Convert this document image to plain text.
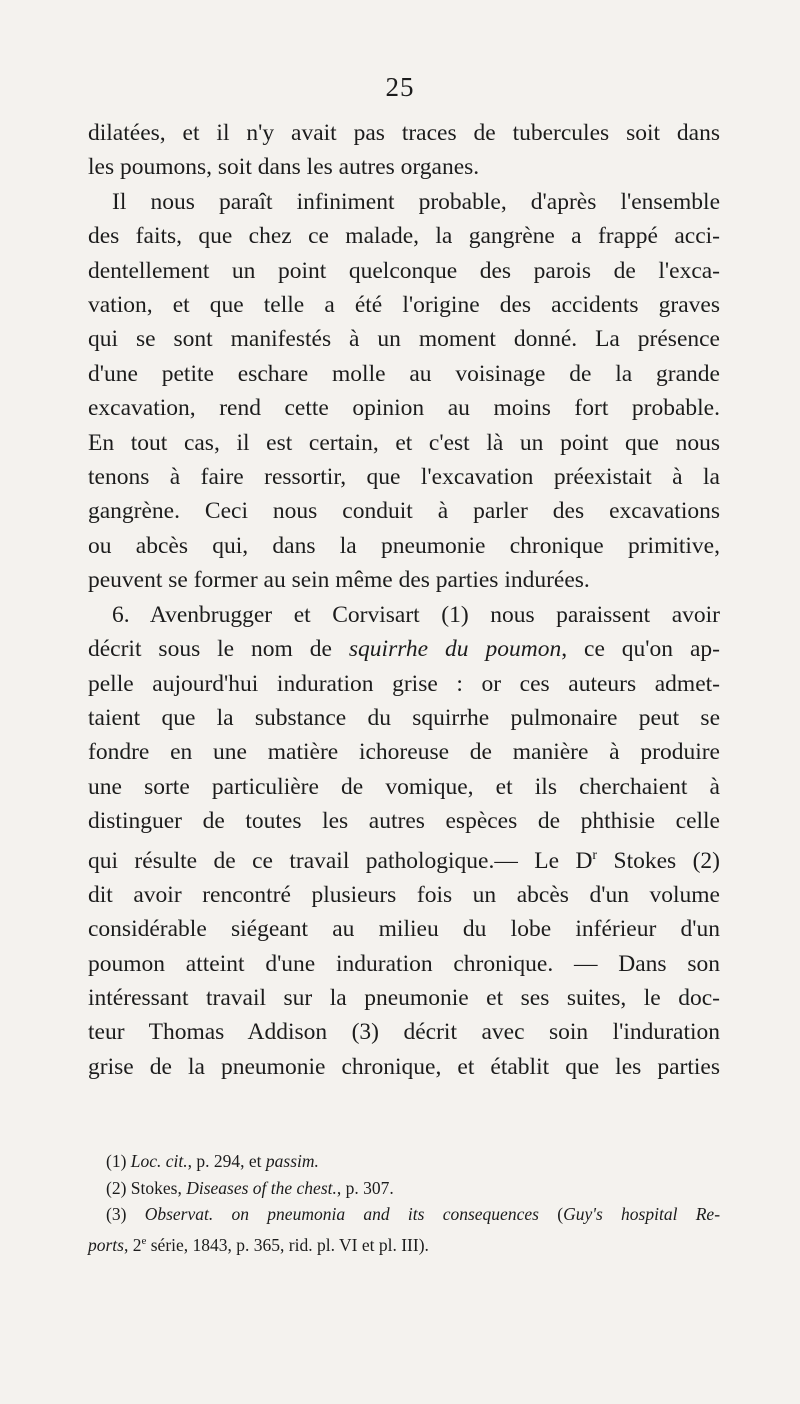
25
dilatées, et il n'y avait pas traces de tubercules soit dans
les poumons, soit dans les autres organes.
Il nous paraît infiniment probable, d'après l'ensemble
des faits, que chez ce malade, la gangrène a frappé acci-
dentellement un point quelconque des parois de l'exca-
vation, et que telle a été l'origine des accidents graves
qui se sont manifestés à un moment donné. La présence
d'une petite eschare molle au voisinage de la grande
excavation, rend cette opinion au moins fort probable.
En tout cas, il est certain, et c'est là un point que nous
tenons à faire ressortir, que l'excavation préexistait à la
gangrène. Ceci nous conduit à parler des excavations
ou abcès qui, dans la pneumonie chronique primitive,
peuvent se former au sein même des parties indurées.
6. Avenbrugger et Corvisart (1) nous paraissent avoir
décrit sous le nom de squirrhe du poumon, ce qu'on ap-
pelle aujourd'hui induration grise : or ces auteurs admet-
taient que la substance du squirrhe pulmonaire peut se
fondre en une matière ichoreuse de manière à produire
une sorte particulière de vomique, et ils cherchaient à
distinguer de toutes les autres espèces de phthisie celle
qui résulte de ce travail pathologique.— Le $D^r$ Stokes (2)
dit avoir rencontré plusieurs fois un abcès d'un volume
considérable siégeant au milieu du lobe inférieur d'un
poumon atteint d'une induration chronique. — Dans son
intéressant travail sur la pneumonie et ses suites, le doc-
teur Thomas Addison (3) décrit avec soin l'induration
grise de la pneumonie chronique, et établit que les parties
(1) Loc. cit., p. 294, et passim.
(2) Stokes, Diseases of the chest., p. 307.
(3) Observat. on pneumonia and its consequences (Guy's hospital Re-
ports, 2e série, 1843, p. 365, rid. pl. VI et pl. III).
